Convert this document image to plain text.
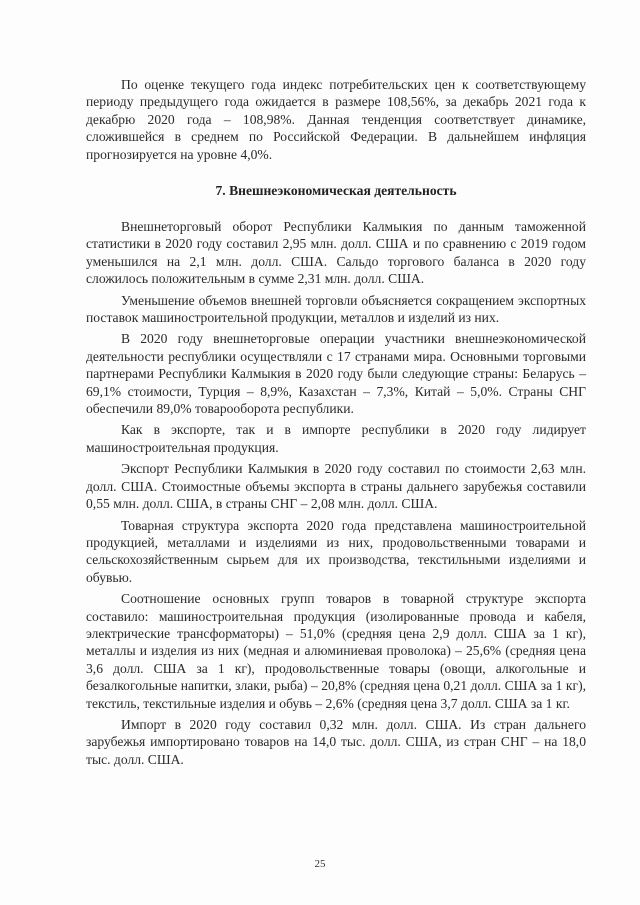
По оценке текущего года индекс потребительских цен к соответствующему периоду предыдущего года ожидается в размере 108,56%, за декабрь 2021 года к декабрю 2020 года – 108,98%. Данная тенденция соответствует динамике, сложившейся в среднем по Российской Федерации. В дальнейшем инфляция прогнозируется на уровне 4,0%.

7. Внешнеэкономическая деятельность

Внешнеторговый оборот Республики Калмыкия по данным таможенной статистики в 2020 году составил 2,95 млн. долл. США и по сравнению с 2019 годом уменьшился на 2,1 млн. долл. США. Сальдо торгового баланса в 2020 году сложилось положительным в сумме 2,31 млн. долл. США.

Уменьшение объемов внешней торговли объясняется сокращением экспортных поставок машиностроительной продукции, металлов и изделий из них.

В 2020 году внешнеторговые операции участники внешнеэкономической деятельности республики осуществляли с 17 странами мира. Основными торговыми партнерами Республики Калмыкия в 2020 году были следующие страны: Беларусь – 69,1% стоимости, Турция – 8,9%, Казахстан – 7,3%, Китай – 5,0%. Страны СНГ обеспечили 89,0% товарооборота республики.

Как в экспорте, так и в импорте республики в 2020 году лидирует машиностроительная продукция.

Экспорт Республики Калмыкия в 2020 году составил по стоимости 2,63 млн. долл. США. Стоимостные объемы экспорта в страны дальнего зарубежья составили 0,55 млн. долл. США, в страны СНГ – 2,08 млн. долл. США.

Товарная структура экспорта 2020 года представлена машиностроительной продукцией, металлами и изделиями из них, продовольственными товарами и сельскохозяйственным сырьем для их производства, текстильными изделиями и обувью.

Соотношение основных групп товаров в товарной структуре экспорта составило: машиностроительная продукция (изолированные провода и кабеля, электрические трансформаторы) – 51,0% (средняя цена 2,9 долл. США за 1 кг), металлы и изделия из них (медная и алюминиевая проволока) – 25,6% (средняя цена 3,6 долл. США за 1 кг), продовольственные товары (овощи, алкогольные и безалкогольные напитки, злаки, рыба) – 20,8% (средняя цена 0,21 долл. США за 1 кг), текстиль, текстильные изделия и обувь – 2,6% (средняя цена 3,7 долл. США за 1 кг.

Импорт в 2020 году составил 0,32 млн. долл. США. Из стран дальнего зарубежья импортировано товаров на 14,0 тыс. долл. США, из стран СНГ – на 18,0 тыс. долл. США.

25
